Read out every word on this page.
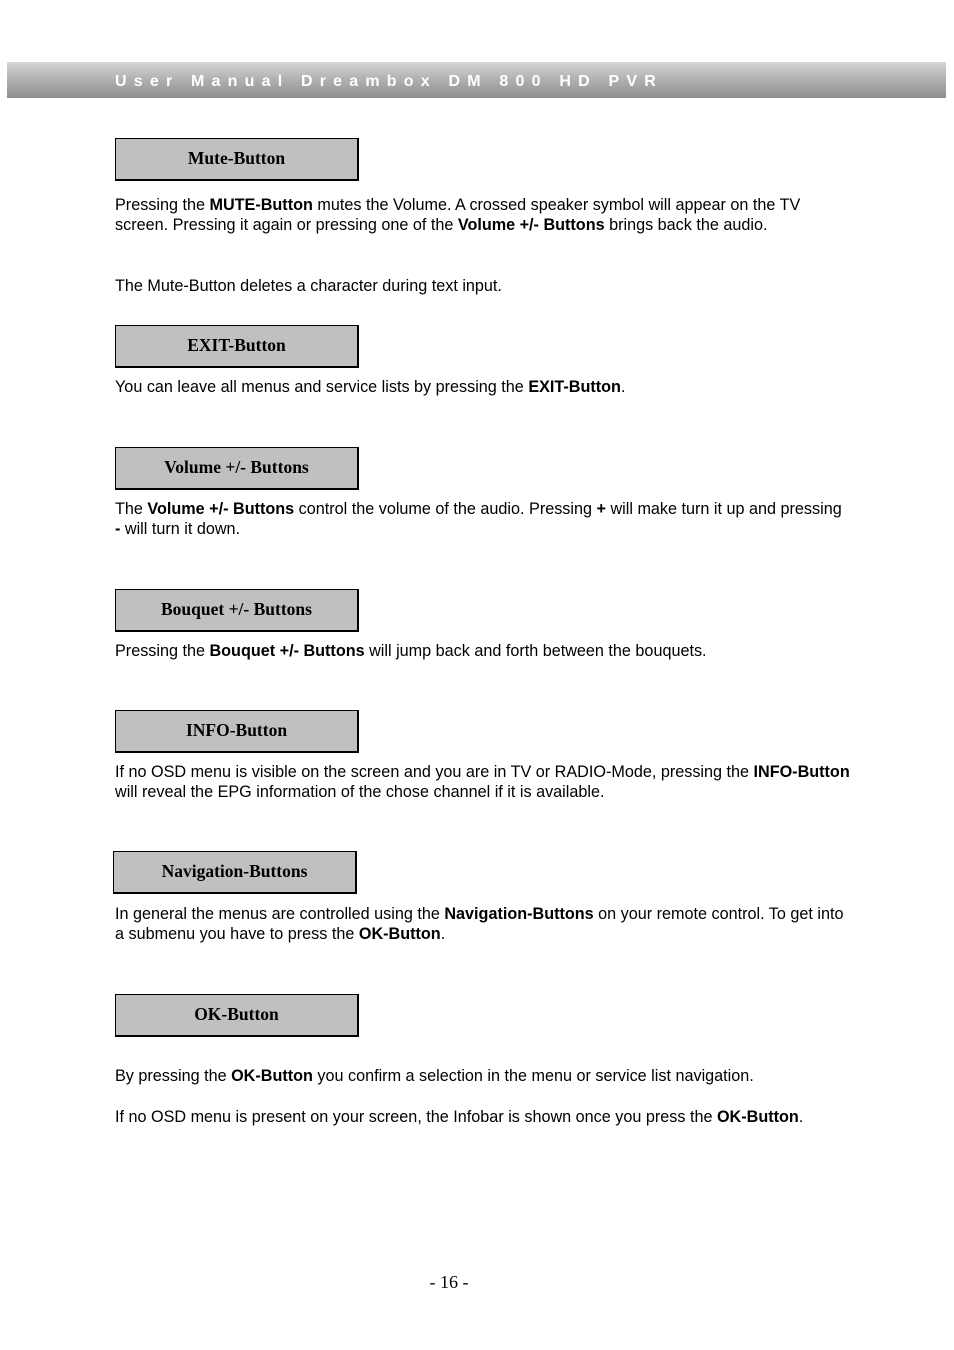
User Manual Dreambox DM 800 HD PVR
Mute-Button

Pressing the MUTE-Button mutes the Volume. A crossed speaker symbol will appear on the TV screen. Pressing it again or pressing one of the Volume +/- Buttons brings back the audio.

The Mute-Button deletes a character during text input.

EXIT-Button

You can leave all menus and service lists by pressing the EXIT-Button.

Volume +/- Buttons

The Volume +/- Buttons control the volume of the audio. Pressing + will make turn it up and pressing - will turn it down.

Bouquet +/- Buttons

Pressing the Bouquet +/- Buttons will jump back and forth between the bouquets.

INFO-Button

If no OSD menu is visible on the screen and you are in TV or RADIO-Mode, pressing the INFO-Button will reveal the EPG information of the chose channel if it is available.

Navigation-Buttons

In general the menus are controlled using the Navigation-Buttons on your remote control. To get into a submenu you have to press the OK-Button.

OK-Button

By pressing the OK-Button you confirm a selection in the menu or service list navigation.

If no OSD menu is present on your screen, the Infobar is shown once you press the OK-Button.

- 16 -
